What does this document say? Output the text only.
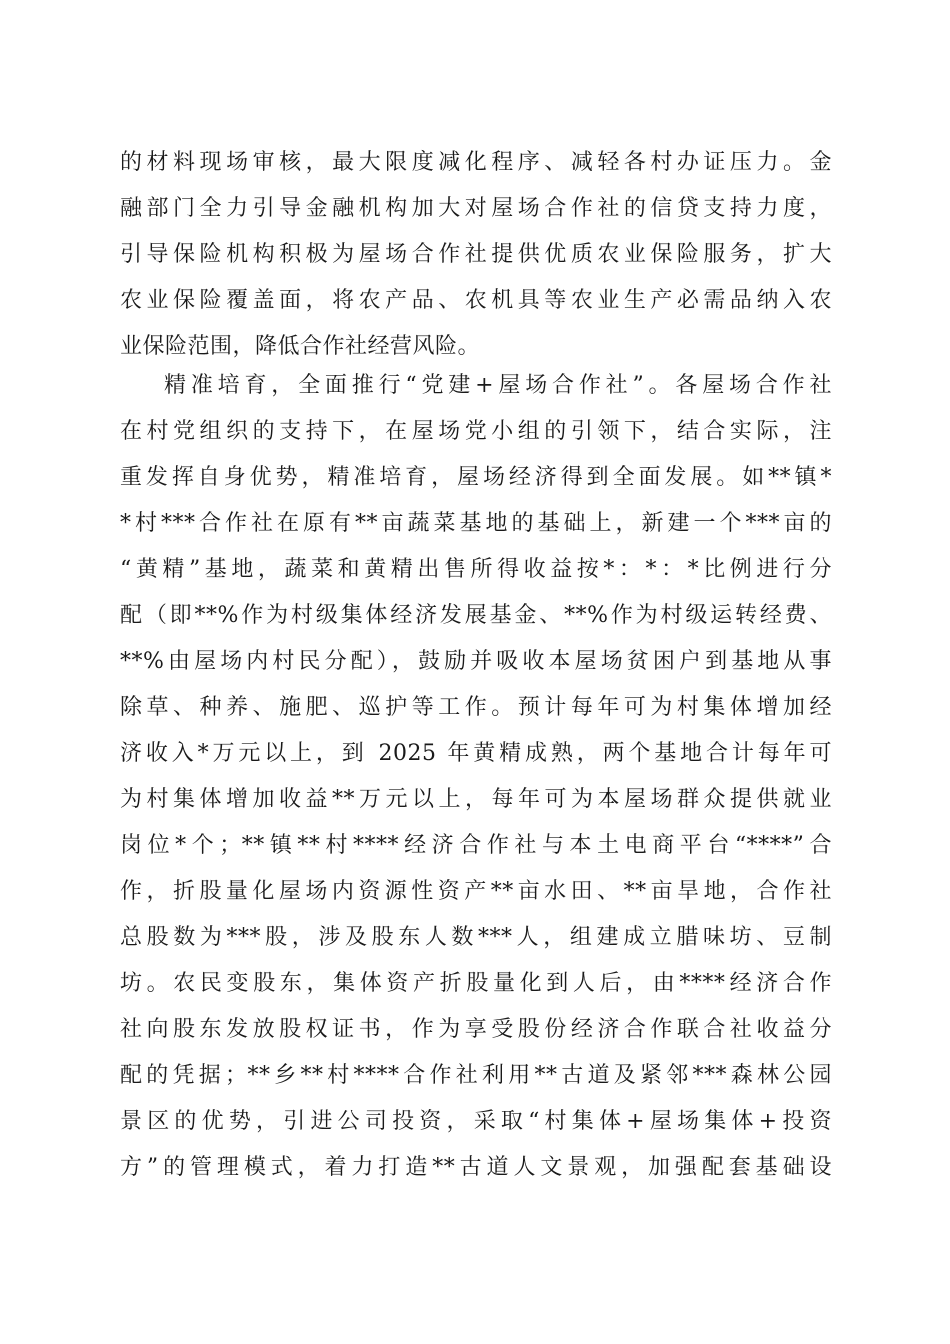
的材料现场审核，最大限度减化程序、减轻各村办证压力。金
融部门全力引导金融机构加大对屋场合作社的信贷支持力度，
引导保险机构积极为屋场合作社提供优质农业保险服务，扩大
农业保险覆盖面，将农产品、农机具等农业生产必需品纳入农
业保险范围，降低合作社经营风险。
精准培育，全面推行“党建+屋场合作社”。各屋场合作社
在村党组织的支持下，在屋场党小组的引领下，结合实际，注
重发挥自身优势，精准培育，屋场经济得到全面发展。如**镇*
*村***合作社在原有**亩蔬菜基地的基础上，新建一个***亩的
“黄精”基地，蔬菜和黄精出售所得收益按*：*：*比例进行分
配（即**%作为村级集体经济发展基金、**%作为村级运转经费、
**%由屋场内村民分配），鼓励并吸收本屋场贫困户到基地从事
除草、种养、施肥、巡护等工作。预计每年可为村集体增加经
济收入*万元以上，到 2025 年黄精成熟，两个基地合计每年可
为村集体增加收益**万元以上，每年可为本屋场群众提供就业
岗位*个；**镇**村****经济合作社与本土电商平台“****”合
作，折股量化屋场内资源性资产**亩水田、**亩旱地，合作社
总股数为***股，涉及股东人数***人，组建成立腊味坊、豆制
坊。农民变股东，集体资产折股量化到人后，由****经济合作
社向股东发放股权证书，作为享受股份经济合作联合社收益分
配的凭据；**乡**村****合作社利用**古道及紧邻***森林公园
景区的优势，引进公司投资，采取“村集体+屋场集体+投资
方”的管理模式，着力打造**古道人文景观，加强配套基础设
